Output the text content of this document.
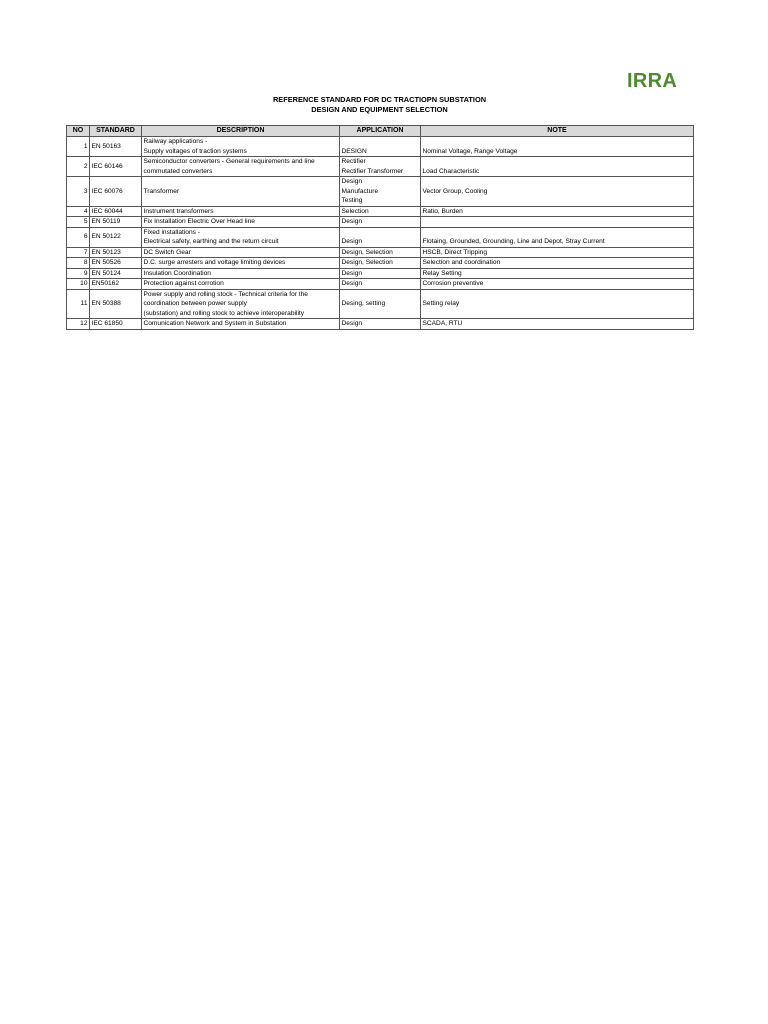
IRRA
REFERENCE STANDARD FOR DC TRACTIOPN SUBSTATION
DESIGN AND EQUIPMENT SELECTION
NO	STANDARD	DESCRIPTION	APPLICATION	NOTE
1	EN 50163	Railway applications -
Supply voltages of traction systems	DESIGN	Nominal Voltage, Range Voltage

2	IEC 60146	Semiconductor converters - General requirements and line
commutated converters	Rectifier
Rectifier Transformer	Load Characteristic

3	IEC 60076	Transformer	Design
Manufacture
Testing	Vector Group, Cooling

4	IEC 60044	Instrument transformers	Selection	Ratio, Burden

5	EN 50119	Fix Installation Electric Over Head line	Design	

6	EN 50122	Fixed installations -
Electrical safety, earthing and the return circuit	Design	Flotaing, Grounded, Grounding, Line and Depot, Stray Current

7	EN 50123	DC Switch Gear	Design, Selection	HSCB, Direct Tripping

8	EN 50526	D.C. surge arresters and voltage limiting devices	Design, Selection	Selection and coordination

9	EN 50124	Insulation Coordination	Design	Relay Setting

10	EN50162	Protection against corrotion	Design	Corrosion preventive

11	EN 50388	Power supply and rolling stock - Technical criteria for the
coordination between power supply
(substation) and rolling stock to achieve interoperability	Desing, setting	Setting relay

12	IEC 61850	Comunication Network and System in Substation	Design	SCADA, RTU
